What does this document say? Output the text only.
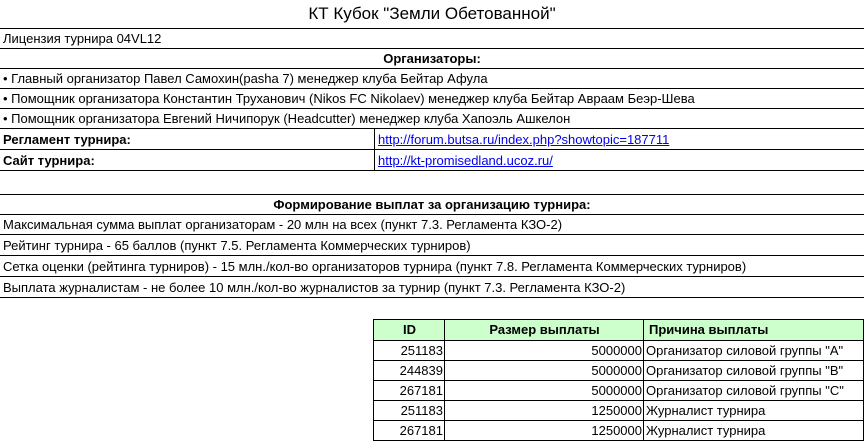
КТ Кубок "Земли Обетованной"
Лицензия турнира 04VL12
Организаторы:
• Главный организатор Павел Самохин(pasha 7) менеджер клуба Бейтар Афула
• Помощник организатора Константин Труханович (Nikos FC Nikolaev) менеджер клуба Бейтар Авраам Беэр-Шева
• Помощник организатора Евгений Ничипорук (Headcutter) менеджер клуба Хапоэль Ашкелон
Регламент турнира:	http://forum.butsa.ru/index.php?showtopic=187711
Сайт турнира:	http://kt-promisedland.ucoz.ru/
Формирование выплат за организацию турнира:
Максимальная сумма выплат организаторам - 20 млн на всех (пункт 7.3. Регламента КЗО-2)
Рейтинг турнира - 65 баллов (пункт 7.5. Регламента Коммерческих турниров)
Сетка оценки (рейтинга турниров) - 15 млн./кол-во организаторов турнира (пункт 7.8. Регламента Коммерческих турниров)
Выплата журналистам - не более 10 млн./кол-во журналистов за турнир (пункт 7.3. Регламента КЗО-2)
ID	Размер выплаты	Причина выплаты
251183	5000000 Организатор силовой группы "А"
244839	5000000 Организатор силовой группы "В"
267181	5000000 Организатор силовой группы "С"
251183	1250000 Журналист турнира
267181	1250000 Журналист турнира
